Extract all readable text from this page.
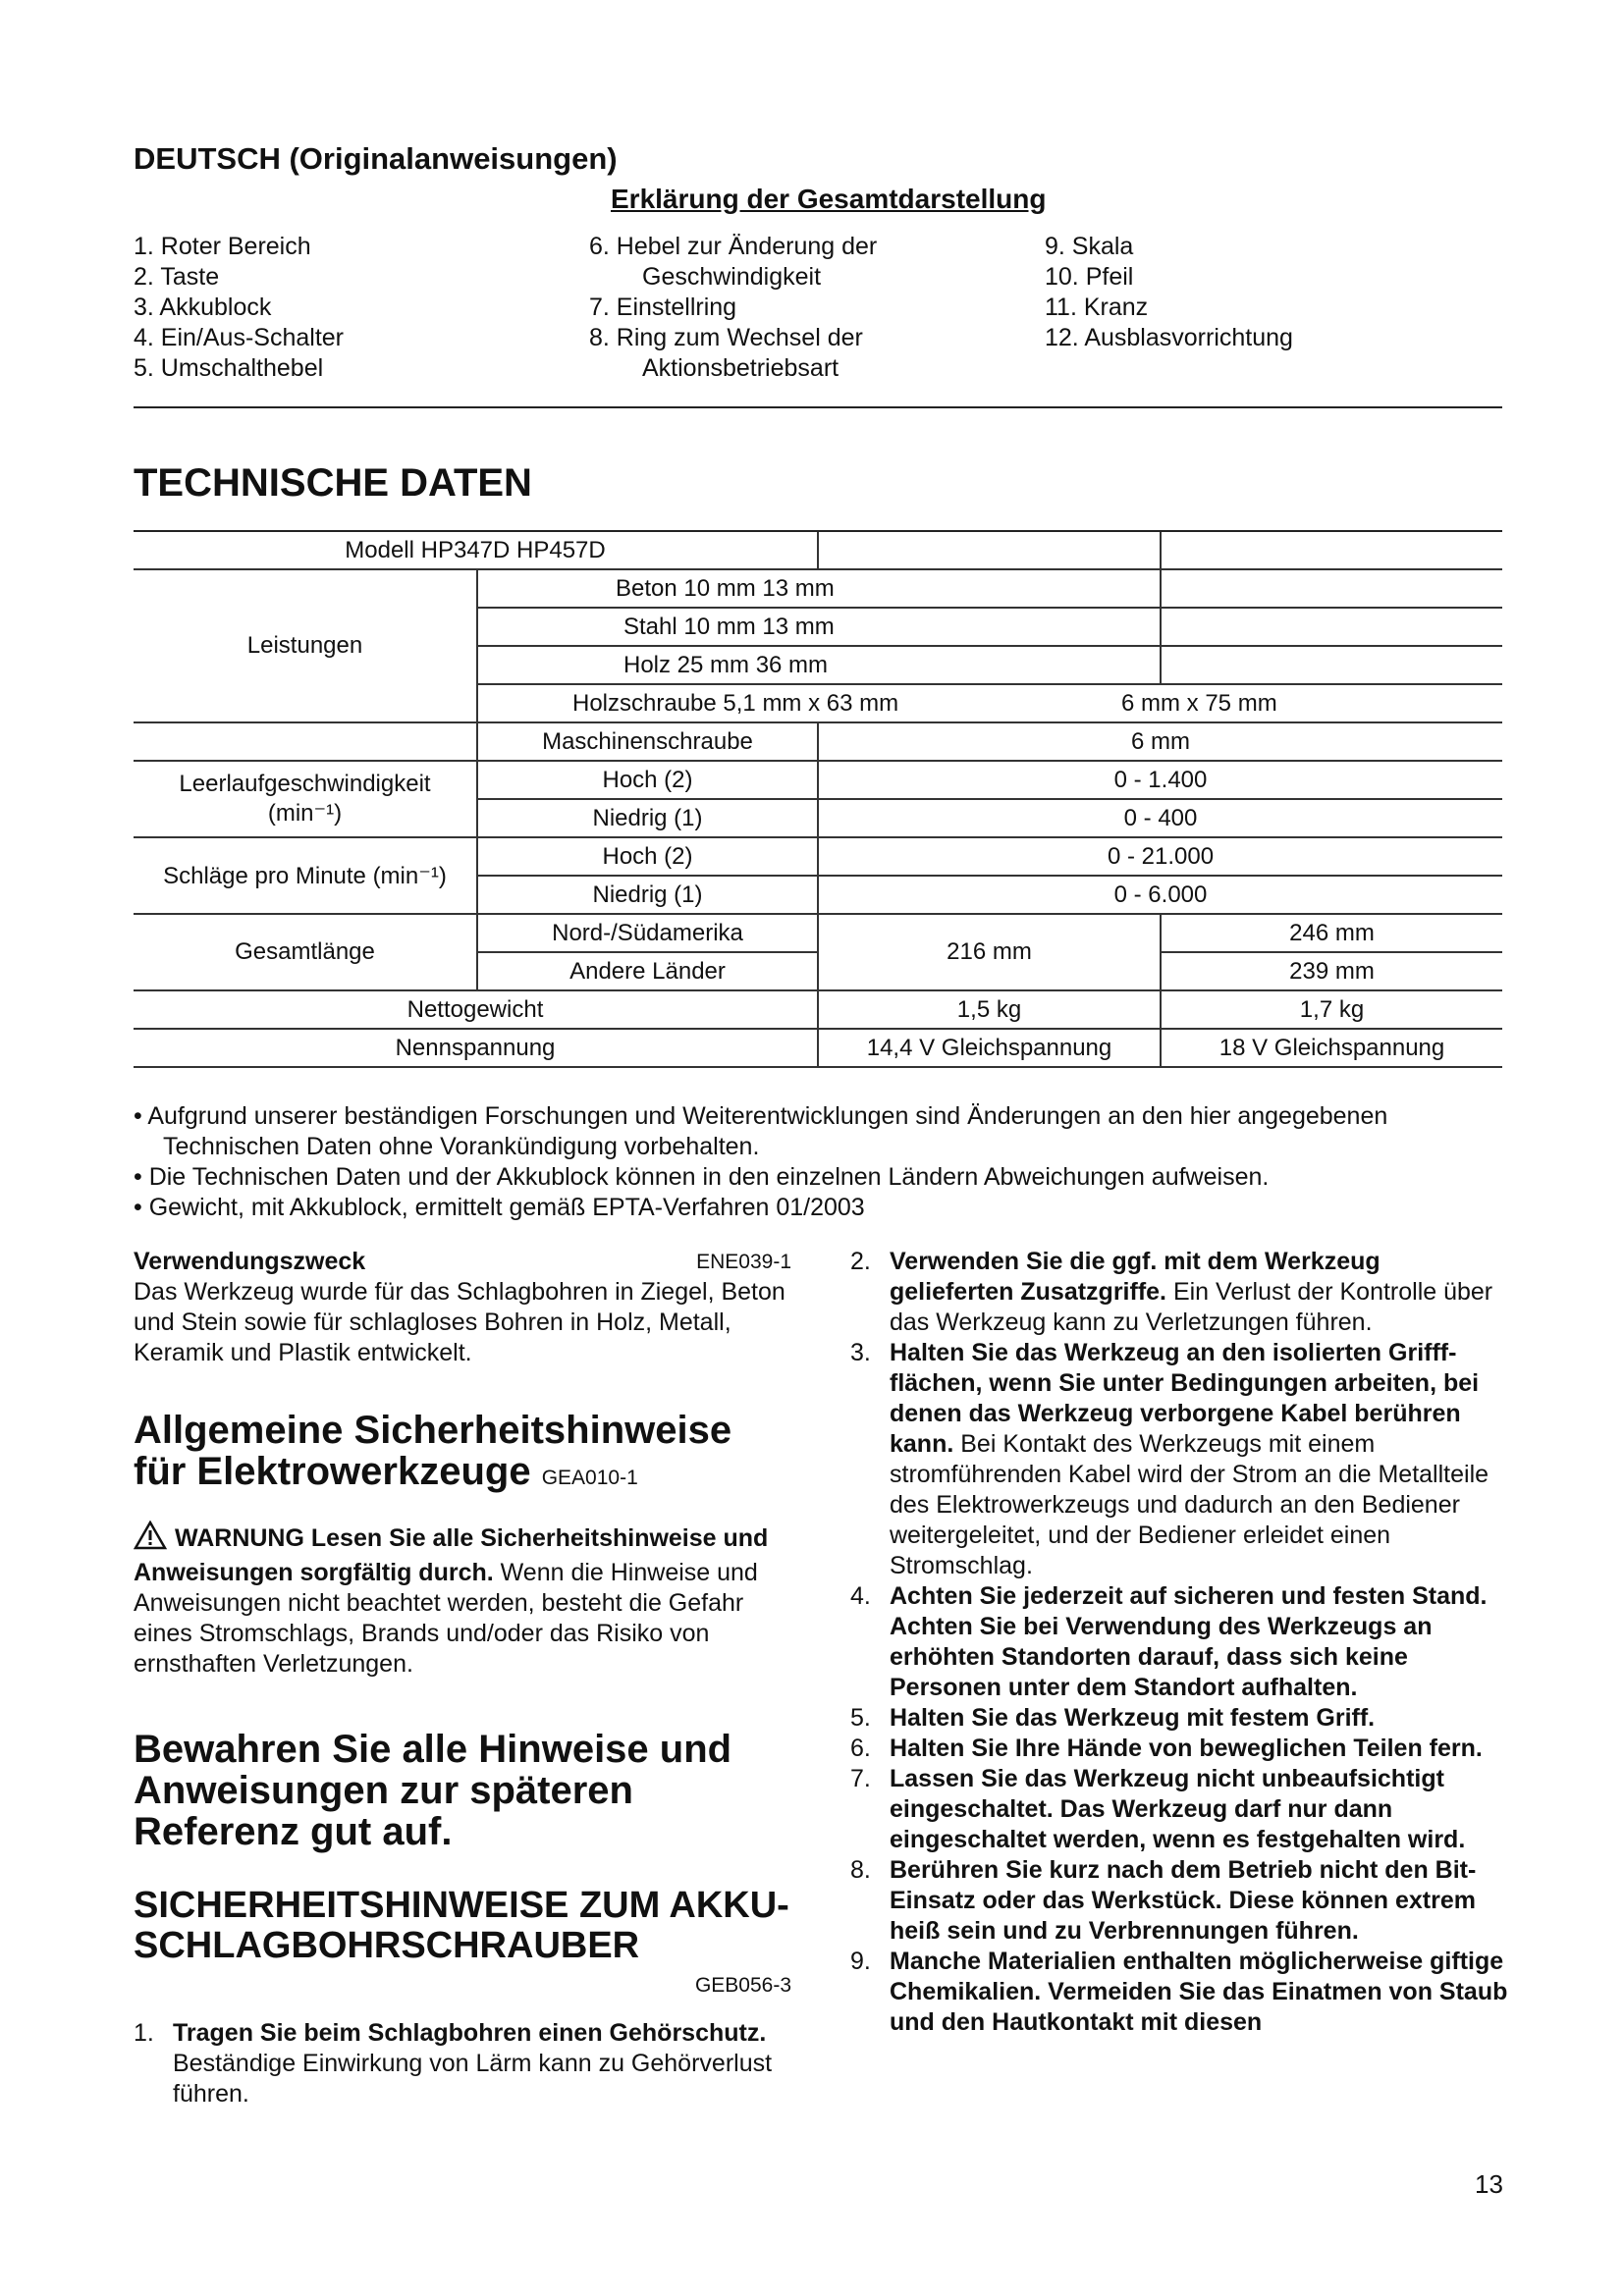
DEUTSCH (Originalanweisungen)
Erklärung der Gesamtdarstellung
1. Roter Bereich
2. Taste
3. Akkublock
4. Ein/Aus-Schalter
5. Umschalthebel
6. Hebel zur Änderung der
Geschwindigkeit
7. Einstellring
8. Ring zum Wechsel der
Aktionsbetriebsart
9. Skala
10. Pfeil
11. Kranz
12. Ausblasvorrichtung
TECHNISCHE DATEN
Modell HP347D HP457D			
Leistungen	Beton 10 mm 13 mm		
	Stahl 10 mm 13 mm		
	Holz 25 mm 36 mm		
	Holzschraube 5,1 mm x 63 mm		6 mm x 75 mm
	Maschinenschraube	6 mm	

Leerlaufgeschwindigkeit
(min⁻¹)	Hoch (2)	0 - 1.400	
	Niedrig (1)	0 - 400	
Schläge pro Minute (min⁻¹)	Hoch (2)	0 - 21.000	
	Niedrig (1)	0 - 6.000	
Gesamtlänge	Nord-/Südamerika	216 mm	246 mm
	Andere Länder		239 mm
Nettogewicht		1,5 kg	1,7 kg
Nennspannung		14,4 V Gleichspannung	18 V Gleichspannung
• Aufgrund unserer beständigen Forschungen und Weiterentwicklungen sind Änderungen an den hier angegebenen
Technischen Daten ohne Vorankündigung vorbehalten.
• Die Technischen Daten und der Akkublock können in den einzelnen Ländern Abweichungen aufweisen.
• Gewicht, mit Akkublock, ermittelt gemäß EPTA-Verfahren 01/2003
Verwendungszweck	ENE039-1
Das Werkzeug wurde für das Schlagbohren in Ziegel, Beton und Stein sowie für schlagloses Bohren in Holz, Metall, Keramik und Plastik entwickelt.
Allgemeine Sicherheitshinweise für Elektrowerkzeuge GEA010-1
WARNUNG Lesen Sie alle Sicherheitshinweise und Anweisungen sorgfältig durch. Wenn die Hinweise und Anweisungen nicht beachtet werden, besteht die Gefahr eines Stromschlags, Brands und/oder das Risiko von ernsthaften Verletzungen.
Bewahren Sie alle Hinweise und Anweisungen zur späteren Referenz gut auf.
SICHERHEITSHINWEISE ZUM AKKU-SCHLAGBOHRSCHRAUBER
GEB056-3
1. Tragen Sie beim Schlagbohren einen Gehörschutz. Beständige Einwirkung von Lärm kann zu Gehörverlust führen.
2. Verwenden Sie die ggf. mit dem Werkzeug gelieferten Zusatzgriffe. Ein Verlust der Kontrolle über das Werkzeug kann zu Verletzungen führen.
3. Halten Sie das Werkzeug an den isolierten Grifffflächen, wenn Sie unter Bedingungen arbeiten, bei denen das Werkzeug verborgene Kabel berühren kann. Bei Kontakt des Werkzeugs mit einem stromführenden Kabel wird der Strom an die Metallteile des Elektrowerkzeugs und dadurch an den Bediener weitergeleitet, und der Bediener erleidet einen Stromschlag.
4. Achten Sie jederzeit auf sicheren und festen Stand.
Achten Sie bei Verwendung des Werkzeugs an erhöhten Standorten darauf, dass sich keine Personen unter dem Standort aufhalten.
5. Halten Sie das Werkzeug mit festem Griff.
6. Halten Sie Ihre Hände von beweglichen Teilen fern.
7. Lassen Sie das Werkzeug nicht unbeaufsichtigt eingeschaltet. Das Werkzeug darf nur dann eingeschaltet werden, wenn es festgehalten wird.
8. Berühren Sie kurz nach dem Betrieb nicht den Bit-Einsatz oder das Werkstück. Diese können extrem heiß sein und zu Verbrennungen führen.
9. Manche Materialien enthalten möglicherweise giftige Chemikalien. Vermeiden Sie das Einatmen von Staub und den Hautkontakt mit diesen
13
